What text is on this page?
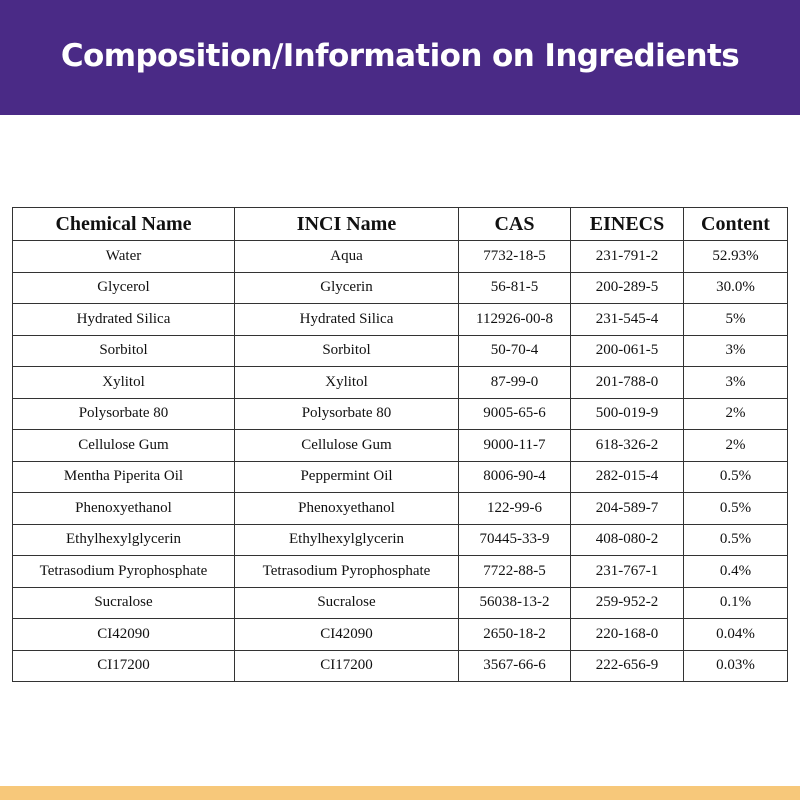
Composition/Information on Ingredients
Chemical Name	INCI Name	CAS	EINECS	Content
Water	Aqua	7732-18-5	231-791-2	52.93%
Glycerol	Glycerin	56-81-5	200-289-5	30.0%
Hydrated Silica	Hydrated Silica	112926-00-8	231-545-4	5%
Sorbitol	Sorbitol	50-70-4	200-061-5	3%
Xylitol	Xylitol	87-99-0	201-788-0	3%
Polysorbate 80	Polysorbate 80	9005-65-6	500-019-9	2%
Cellulose Gum	Cellulose Gum	9000-11-7	618-326-2	2%
Mentha Piperita Oil	Peppermint Oil	8006-90-4	282-015-4	0.5%
Phenoxyethanol	Phenoxyethanol	122-99-6	204-589-7	0.5%
Ethylhexylglycerin	Ethylhexylglycerin	70445-33-9	408-080-2	0.5%
Tetrasodium Pyrophosphate	Tetrasodium Pyrophosphate	7722-88-5	231-767-1	0.4%
Sucralose	Sucralose	56038-13-2	259-952-2	0.1%
CI42090	CI42090	2650-18-2	220-168-0	0.04%
CI17200	CI17200	3567-66-6	222-656-9	0.03%
